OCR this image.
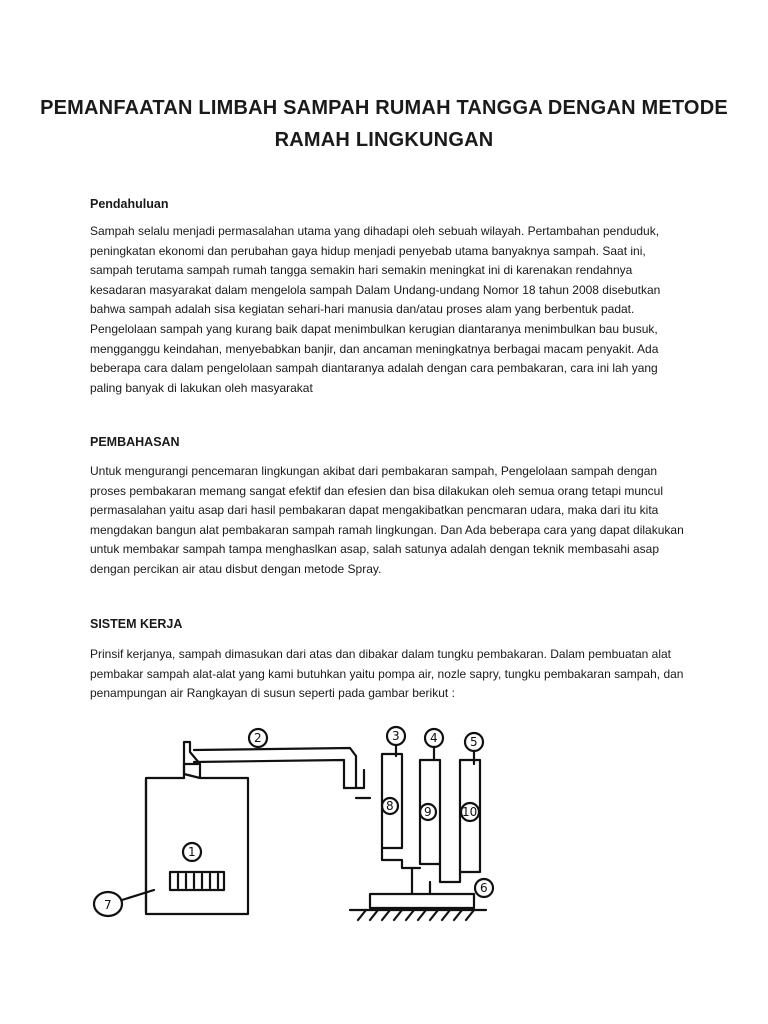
PEMANFAATAN LIMBAH SAMPAH RUMAH TANGGA DENGAN METODE RAMAH LINGKUNGAN
Pendahuluan

Sampah selalu menjadi permasalahan utama yang dihadapi oleh sebuah wilayah. Pertambahan penduduk, peningkatan ekonomi dan perubahan gaya hidup menjadi penyebab utama banyaknya sampah. Saat ini, sampah terutama sampah rumah tangga semakin hari semakin meningkat ini di karenakan rendahnya kesadaran masyarakat dalam mengelola sampah Dalam Undang-undang Nomor 18 tahun 2008 disebutkan bahwa sampah adalah sisa kegiatan sehari-hari manusia dan/atau proses alam yang berbentuk padat. Pengelolaan sampah yang kurang baik dapat menimbulkan kerugian diantaranya menimbulkan bau busuk, mengganggu keindahan, menyebabkan banjir, dan ancaman meningkatnya berbagai macam penyakit. Ada beberapa cara dalam pengelolaan sampah diantaranya adalah dengan cara pembakaran, cara ini lah yang paling banyak di lakukan oleh masyarakat

PEMBAHASAN

Untuk mengurangi pencemaran lingkungan akibat dari pembakaran sampah, Pengelolaan sampah dengan proses pembakaran memang sangat efektif dan efesien dan bisa dilakukan oleh semua orang tetapi muncul permasalahan yaitu asap dari hasil pembakaran dapat mengakibatkan pencmaran udara, maka dari itu kita mengdakan bangun alat pembakaran sampah ramah lingkungan. Dan Ada beberapa cara yang dapat dilakukan untuk membakar sampah tampa menghaslkan asap, salah satunya adalah dengan teknik membasahi asap dengan percikan air atau disbut dengan metode Spray.

SISTEM KERJA

Prinsif kerjanya, sampah dimasukan dari atas dan dibakar dalam tungku pembakaran. Dalam pembuatan alat pembakar sampah alat-alat yang kami butuhkan yaitu pompa air, nozle sapry, tungku pembakaran sampah, dan penampungan air Rangkayan di susun seperti pada gambar berikut :

2	3	4	5
8	9	10
6
1
7
